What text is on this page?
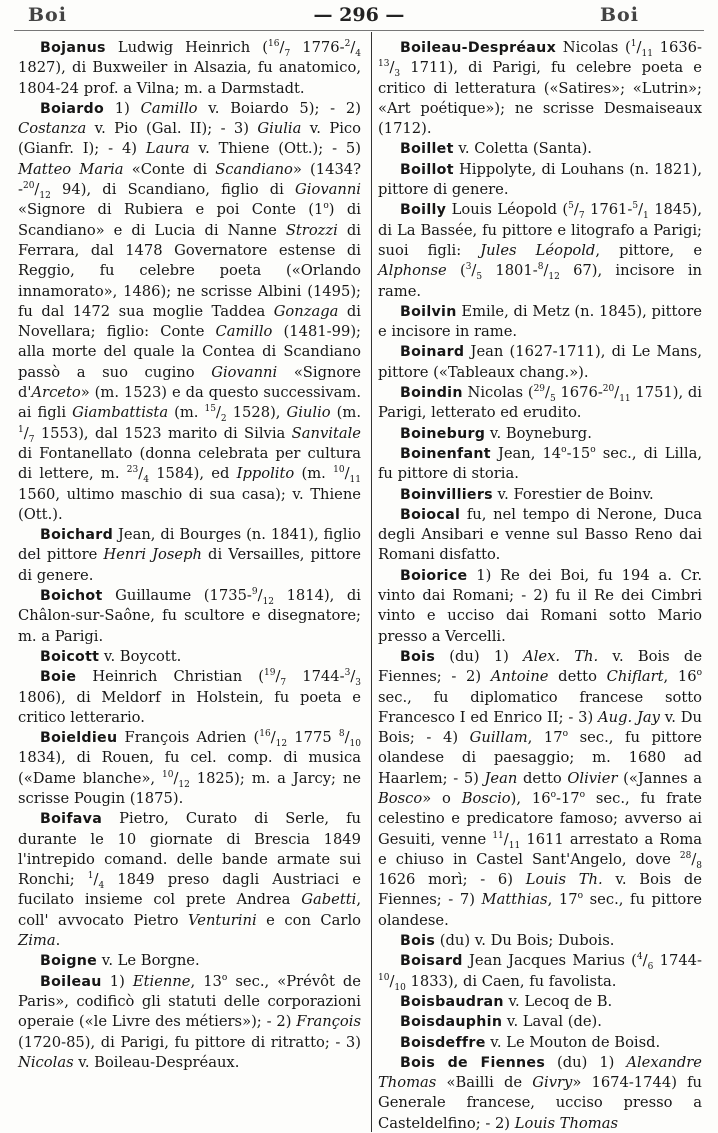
Boi	— 296 —	Boi

Bojanus Ludwig Heinrich ($^{16}/_7$ $1776-^2/_4$ 1827), di Buxweiler in Alsazia, fu anatomico, 1804-24 prof. a Vilna; m. a Darmstadt.

Boiardo 1) Camillo v. Boiardo 5); - 2) Costanza v. Pio (Gal. II); - 3) Giulia v. Pico (Gianfr. I); - 4) Laura v. Thiene (Ott.); - 5) Matteo Maria «Conte di Scandiano» ($1434?-^{20}/_{12}$ 94), di Scandiano, figlio di Giovanni «Signore di Rubiera e poi Conte (1$^o$) di Scandiano» e di Lucia di Nanne Strozzi di Ferrara, dal 1478 Governatore estense di Reggio, fu celebre poeta («Orlando innamorato», 1486); ne scrisse Albini (1495); fu dal 1472 sua moglie Taddea Gonzaga di Novellara; figlio: Conte Camillo (1481-99); alla morte del quale la Contea di Scandiano passò a suo cugino Giovanni «Signore d'Arceto» (m. 1523) e da questo successivam. ai figli Giambattista (m. $^{15}/_2$ 1528), Giulio (m. $^1/_7$ 1553), dal 1523 marito di Silvia Sanvitale di Fontanellato (donna celebrata per cultura di lettere, m. $^{23}/_4$ 1584), ed Ippolito (m. $^{10}/_{11}$ 1560, ultimo maschio di sua casa); v. Thiene (Ott.).

Boichard Jean, di Bourges (n. 1841), figlio del pittore Henri Joseph di Versailles, pittore di genere.

Boichot Guillaume ($1735-^9/_{12}$ 1814), di Châlon-sur-Saône, fu scultore e disegnatore; m. a Parigi.

Boicott v. Boycott.

Boie Heinrich Christian ($^{19}/_7$ $1744-^3/_3$ 1806), di Meldorf in Holstein, fu poeta e critico letterario.

Boieldieu François Adrien ($^{16}/_{12}$ 1775 $^8/_{10}$ 1834), di Rouen, fu cel. comp. di musica («Dame blanche», $^{10}/_{12}$ 1825); m. a Jarcy; ne scrisse Pougin (1875).

Boifava Pietro, Curato di Serle, fu durante le 10 giornate di Brescia 1849 l'intrepido comand. delle bande armate sui Ronchi; $^1/_4$ 1849 preso dagli Austriaci e fucilato insieme col prete Andrea Gabetti, coll' avvocato Pietro Venturini e con Carlo Zima.

Boigne v. Le Borgne.

Boileau 1) Etienne, 13$^o$ sec., «Prévôt de Paris», codificò gli statuti delle corporazioni operaie («le Livre des métiers»); - 2) François (1720-85), di Parigi, fu pittore di ritratto; - 3) Nicolas v. Boileau-Despréaux.

Boileau-Despréaux Nicolas ($^1/_{11}$ $1636-^{13}/_3$ 1711), di Parigi, fu celebre poeta e critico di letteratura («Satires»; «Lutrin»; «Art poétique»); ne scrisse Desmaiseaux (1712).

Boillet v. Coletta (Santa).

Boillot Hippolyte, di Louhans (n. 1821), pittore di genere.

Boilly Louis Léopold ($^5/_7$ $1761-^5/_1$ 1845), di La Bassée, fu pittore e litografo a Parigi; suoi figli: Jules Léopold, pittore, e Alphonse ($^3/_5$ $1801-^8/_{12}$ 67), incisore in rame.

Boilvin Emile, di Metz (n. 1845), pittore e incisore in rame.

Boinard Jean (1627-1711), di Le Mans, pittore («Tableaux chang.»).

Boindin Nicolas ($^{29}/_5$ $1676-^{20}/_{11}$ 1751), di Parigi, letterato ed erudito.

Boineburg v. Boyneburg.

Boinenfant Jean, 14$^o$-15$^o$ sec., di Lilla, fu pittore di storia.

Boinvilliers v. Forestier de Boinv.

Boiocal fu, nel tempo di Nerone, Duca degli Ansibari e venne sul Basso Reno dai Romani disfatto.

Boiorice 1) Re dei Boi, fu 194 a. Cr. vinto dai Romani; - 2) fu il Re dei Cimbri vinto e ucciso dai Romani sotto Mario presso a Vercelli.

Bois (du) 1) Alex. Th. v. Bois de Fiennes; - 2) Antoine detto Chiflart, 16$^o$ sec., fu diplomatico francese sotto Francesco I ed Enrico II; - 3) Aug. Jay v. Du Bois; - 4) Guillam, 17$^o$ sec., fu pittore olandese di paesaggio; m. 1680 ad Haarlem; - 5) Jean detto Olivier («Jannes a Bosco» o Boscio), 16$^o$-17$^o$ sec., fu frate celestino e predicatore famoso; avverso ai Gesuiti, venne $^{11}/_{11}$ 1611 arrestato a Roma e chiuso in Castel Sant'Angelo, dove $^{28}/_8$ 1626 morì; - 6) Louis Th. v. Bois de Fiennes; - 7) Matthias, 17$^o$ sec., fu pittore olandese.

Bois (du) v. Du Bois; Dubois.

Boisard Jean Jacques Marius ($^4/_6$ $1744-^{10}/_{10}$ 1833), di Caen, fu favolista.

Boisbaudran v. Lecoq de B.

Boisdauphin v. Laval (de).

Boisdeffre v. Le Mouton de Boisd.

Bois de Fiennes (du) 1) Alexandre Thomas «Bailli de Givry» 1674-1744) fu Generale francese, ucciso presso a Casteldelfino; - 2) Louis Thomas
